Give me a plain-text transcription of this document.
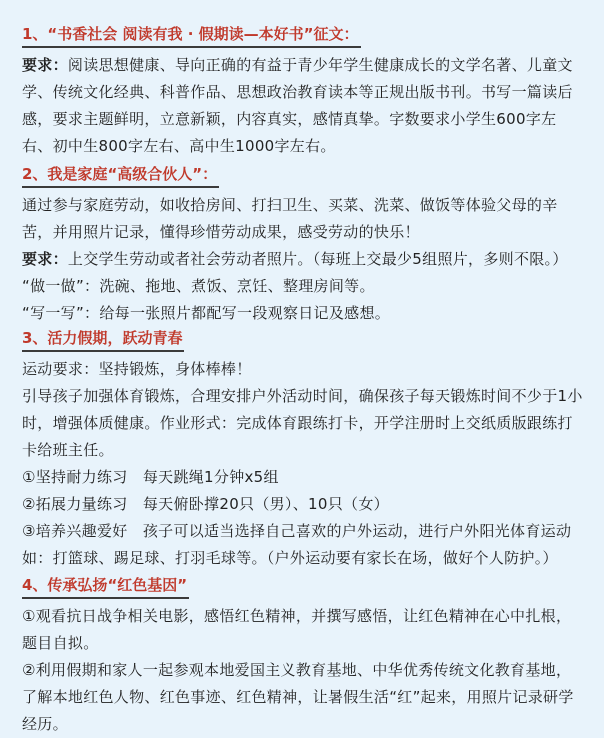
1、“书香社会 阅读有我 · 假期读—本好书”征文：

要求：阅读思想健康、导向正确的有益于青少年学生健康成长的文学名著、儿童文学、传统文化经典、科普作品、思想政治教育读本等正规出版书刊。书写一篇读后感，要求主题鲜明，立意新颖，内容真实，感情真挚。字数要求小学生600字左右、初中生800字左右、高中生1000字左右。

2、我是家庭“高级合伙人”：

通过参与家庭劳动，如收拾房间、打扫卫生、买菜、洗菜、做饭等体验父母的辛苦，并用照片记录，懂得珍惜劳动成果，感受劳动的快乐！

要求：上交学生劳动或者社会劳动者照片。（每班上交最少5组照片，多则不限。）

“做一做”：洗碗、拖地、煮饭、烹饪、整理房间等。

“写一写”：给每一张照片都配写一段观察日记及感想。

3、活力假期，跃动青春

运动要求：坚持锻炼，身体棒棒！

引导孩子加强体育锻炼，合理安排户外活动时间，确保孩子每天锻炼时间不少于1小时，增强体质健康。作业形式：完成体育跟练打卡，开学注册时上交纸质版跟练打卡给班主任。

①坚持耐力练习　每天跳绳1分钟x5组

②拓展力量练习　每天俯卧撑20只（男）、10只（女）

③培养兴趣爱好　孩子可以适当选择自己喜欢的户外运动，进行户外阳光体育运动如：打篮球、踢足球、打羽毛球等。（户外运动要有家长在场，做好个人防护。）

4、传承弘扬“红色基因”

①观看抗日战争相关电影，感悟红色精神，并撰写感悟，让红色精神在心中扎根，题目自拟。

②利用假期和家人一起参观本地爱国主义教育基地、中华优秀传统文化教育基地，了解本地红色人物、红色事迹、红色精神，让暑假生活“红”起来，用照片记录研学经历。
